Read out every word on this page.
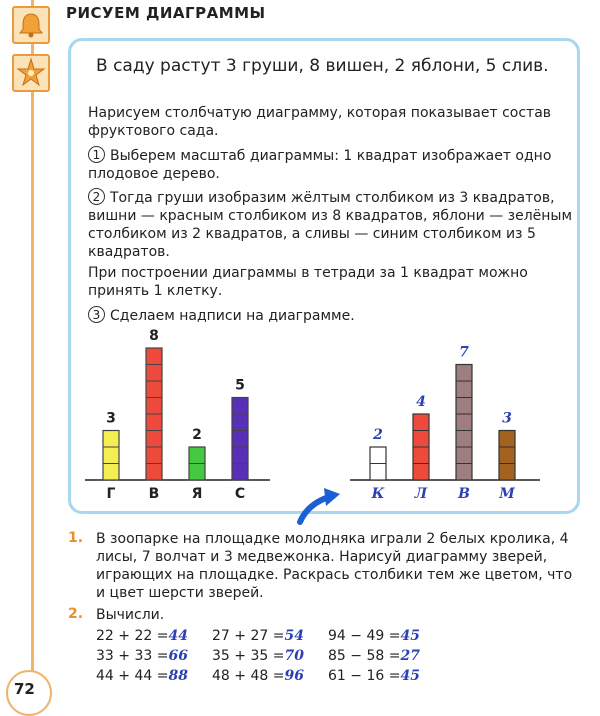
РИСУЕМ ДИАГРАММЫ
В саду растут 3 груши, 8 вишен, 2 яблони, 5 слив.
Нарисуем столбчатую диаграмму, которая показывает состав фруктового сада.
1 Выберем масштаб диаграммы: 1 квадрат изображает одно плодовое дерево.
2 Тогда груши изобразим жёлтым столбиком из 3 квадратов, вишни — красным столбиком из 8 квадратов, яблони — зелёным столбиком из 2 квадратов, а сливы — синим столбиком из 5 квадратов.
При построении диаграммы в тетради за 1 квадрат можно принять 1 клетку.
3 Сделаем надписи на диаграмме.
3
Г
8
В
2
Я
5
С
2
К
4
Л
7
В
3
М
1. В зоопарке на площадке молодняка играли 2 белых кролика, 4 лисы, 7 волчат и 3 медвежонка. Нарисуй диаграмму зверей, играющих на площадке. Раскрась столбики тем же цветом, что и цвет шерсти зверей.
2. Вычисли.
22 + 22 =44
33 + 33 =66
44 + 44 =88
27 + 27 =54
35 + 35 =70
48 + 48 =96
94 − 49 =45
85 − 58 =27
61 − 16 =45
72
